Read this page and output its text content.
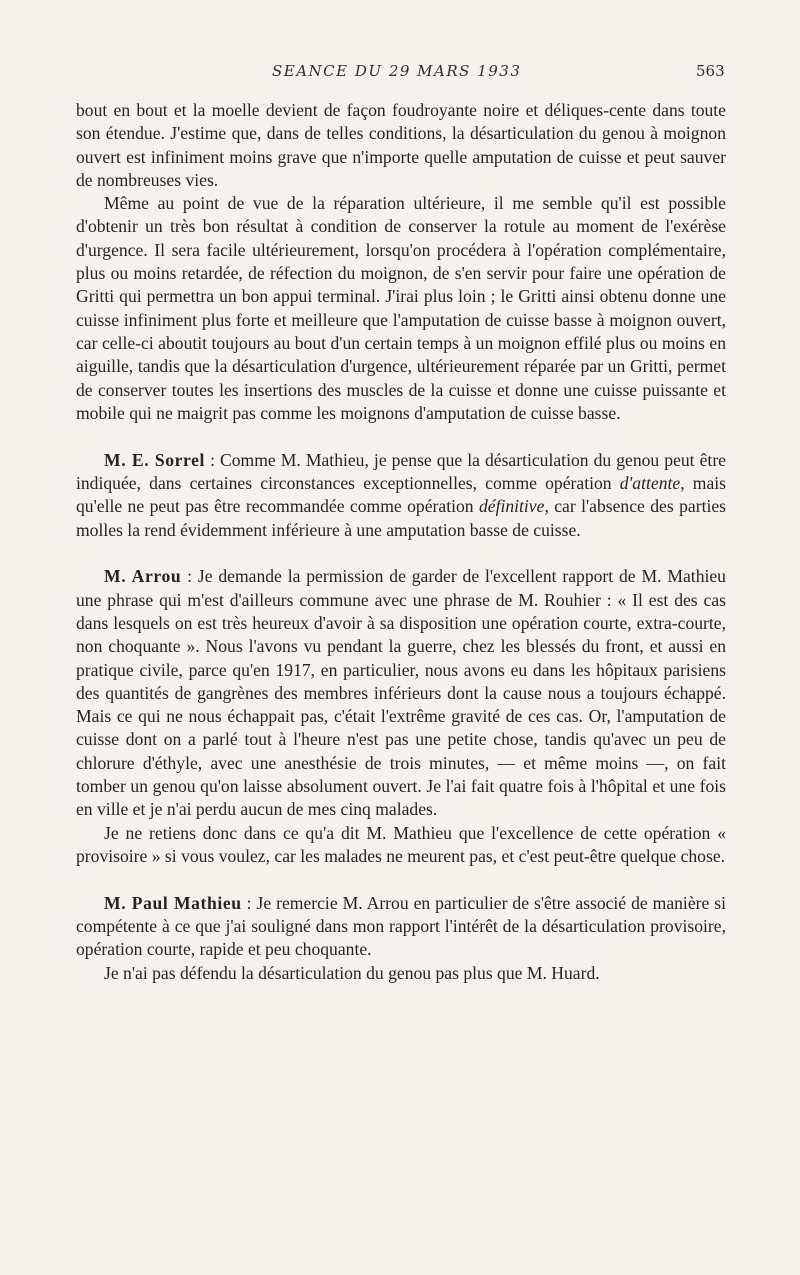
SEANCE DU 29 MARS 1933	563

bout en bout et la moelle devient de façon foudroyante noire et déliques-cente dans toute son étendue. J'estime que, dans de telles conditions, la désarticulation du genou à moignon ouvert est infiniment moins grave que n'importe quelle amputation de cuisse et peut sauver de nombreuses vies.

Même au point de vue de la réparation ultérieure, il me semble qu'il est possible d'obtenir un très bon résultat à condition de conserver la rotule au moment de l'exérèse d'urgence. Il sera facile ultérieurement, lorsqu'on procédera à l'opération complémentaire, plus ou moins retardée, de réfection du moignon, de s'en servir pour faire une opération de Gritti qui permettra un bon appui terminal. J'irai plus loin ; le Gritti ainsi obtenu donne une cuisse infiniment plus forte et meilleure que l'amputation de cuisse basse à moignon ouvert, car celle-ci aboutit toujours au bout d'un certain temps à un moignon effilé plus ou moins en aiguille, tandis que la désarticulation d'urgence, ultérieurement réparée par un Gritti, permet de conserver toutes les insertions des muscles de la cuisse et donne une cuisse puissante et mobile qui ne maigrit pas comme les moignons d'amputation de cuisse basse.

M. E. Sorrel : Comme M. Mathieu, je pense que la désarticulation du genou peut être indiquée, dans certaines circonstances exceptionnelles, comme opération d'attente, mais qu'elle ne peut pas être recommandée comme opération définitive, car l'absence des parties molles la rend évidemment inférieure à une amputation basse de cuisse.

M. Arrou : Je demande la permission de garder de l'excellent rapport de M. Mathieu une phrase qui m'est d'ailleurs commune avec une phrase de M. Rouhier : « Il est des cas dans lesquels on est très heureux d'avoir à sa disposition une opération courte, extra-courte, non choquante ». Nous l'avons vu pendant la guerre, chez les blessés du front, et aussi en pratique civile, parce qu'en 1917, en particulier, nous avons eu dans les hôpitaux parisiens des quantités de gangrènes des membres inférieurs dont la cause nous a toujours échappé. Mais ce qui ne nous échappait pas, c'était l'extrême gravité de ces cas. Or, l'amputation de cuisse dont on a parlé tout à l'heure n'est pas une petite chose, tandis qu'avec un peu de chlorure d'éthyle, avec une anesthésie de trois minutes, — et même moins —, on fait tomber un genou qu'on laisse absolument ouvert. Je l'ai fait quatre fois à l'hôpital et une fois en ville et je n'ai perdu aucun de mes cinq malades.

Je ne retiens donc dans ce qu'a dit M. Mathieu que l'excellence de cette opération « provisoire » si vous voulez, car les malades ne meurent pas, et c'est peut-être quelque chose.

M. Paul Mathieu : Je remercie M. Arrou en particulier de s'être associé de manière si compétente à ce que j'ai souligné dans mon rapport l'intérêt de la désarticulation provisoire, opération courte, rapide et peu choquante.

Je n'ai pas défendu la désarticulation du genou pas plus que M. Huard.
